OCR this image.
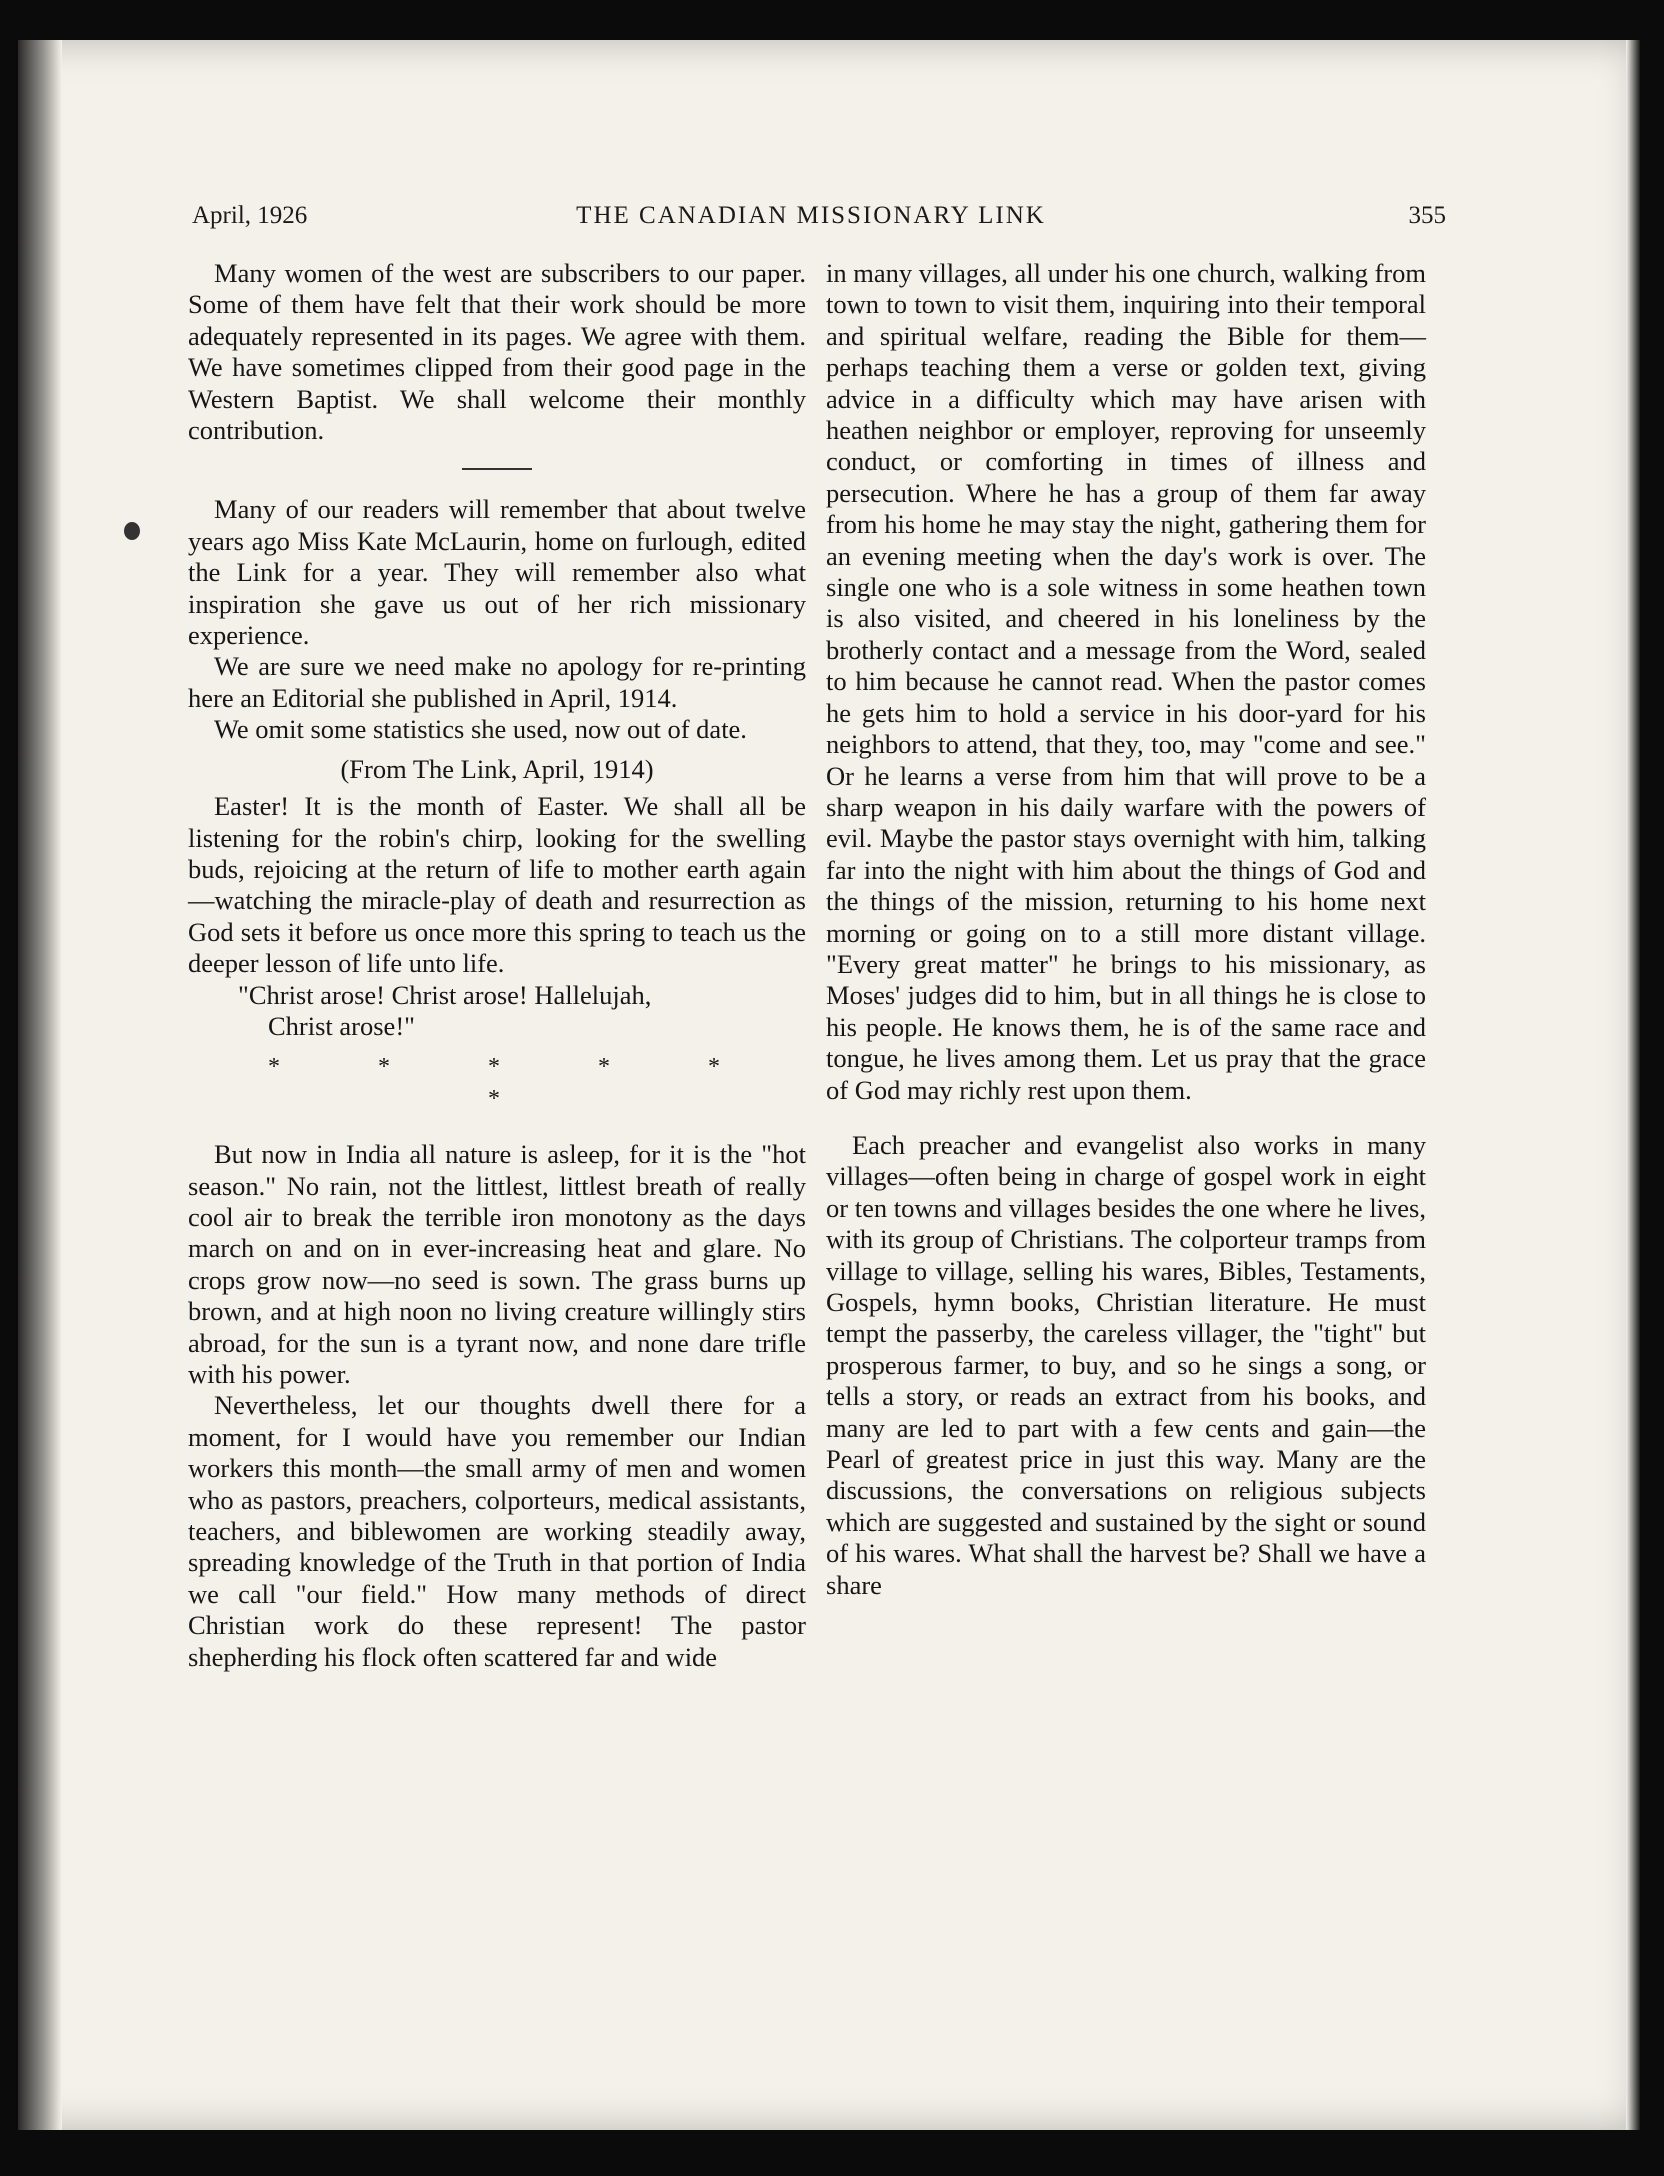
April, 1926	THE CANADIAN MISSIONARY LINK	355

Many women of the west are subscribers to our paper. Some of them have felt that their work should be more adequately represented in its pages. We agree with them. We have sometimes clipped from their good page in the Western Baptist. We shall welcome their monthly contribution.

Many of our readers will remember that about twelve years ago Miss Kate McLaurin, home on furlough, edited the Link for a year. They will remember also what inspiration she gave us out of her rich missionary experience.

We are sure we need make no apology for re-printing here an Editorial she published in April, 1914.

We omit some statistics she used, now out of date.

(From The Link, April, 1914)

Easter! It is the month of Easter. We shall all be listening for the robin's chirp, looking for the swelling buds, rejoicing at the return of life to mother earth again—watching the miracle-play of death and resurrection as God sets it before us once more this spring to teach us the deeper lesson of life unto life.

"Christ arose! Christ arose! Hallelujah,

Christ arose!"

* * * * * *

But now in India all nature is asleep, for it is the "hot season." No rain, not the littlest, littlest breath of really cool air to break the terrible iron monotony as the days march on and on in ever-increasing heat and glare. No crops grow now—no seed is sown. The grass burns up brown, and at high noon no living creature willingly stirs abroad, for the sun is a tyrant now, and none dare trifle with his power.

Nevertheless, let our thoughts dwell there for a moment, for I would have you remember our Indian workers this month—the small army of men and women who as pastors, preachers, colporteurs, medical assistants, teachers, and biblewomen are working steadily away, spreading knowledge of the Truth in that portion of India we call "our field." How many methods of direct Christian work do these represent! The pastor shepherding his flock often scattered far and wide

in many villages, all under his one church, walking from town to town to visit them, inquiring into their temporal and spiritual welfare, reading the Bible for them—perhaps teaching them a verse or golden text, giving advice in a difficulty which may have arisen with heathen neighbor or employer, reproving for unseemly conduct, or comforting in times of illness and persecution. Where he has a group of them far away from his home he may stay the night, gathering them for an evening meeting when the day's work is over. The single one who is a sole witness in some heathen town is also visited, and cheered in his loneliness by the brotherly contact and a message from the Word, sealed to him because he cannot read. When the pastor comes he gets him to hold a service in his door-yard for his neighbors to attend, that they, too, may "come and see." Or he learns a verse from him that will prove to be a sharp weapon in his daily warfare with the powers of evil. Maybe the pastor stays overnight with him, talking far into the night with him about the things of God and the things of the mission, returning to his home next morning or going on to a still more distant village. "Every great matter" he brings to his missionary, as Moses' judges did to him, but in all things he is close to his people. He knows them, he is of the same race and tongue, he lives among them. Let us pray that the grace of God may richly rest upon them.

Each preacher and evangelist also works in many villages—often being in charge of gospel work in eight or ten towns and villages besides the one where he lives, with its group of Christians. The colporteur tramps from village to village, selling his wares, Bibles, Testaments, Gospels, hymn books, Christian literature. He must tempt the passerby, the careless villager, the "tight" but prosperous farmer, to buy, and so he sings a song, or tells a story, or reads an extract from his books, and many are led to part with a few cents and gain—the Pearl of greatest price in just this way. Many are the discussions, the conversations on religious subjects which are suggested and sustained by the sight or sound of his wares. What shall the harvest be? Shall we have a share
